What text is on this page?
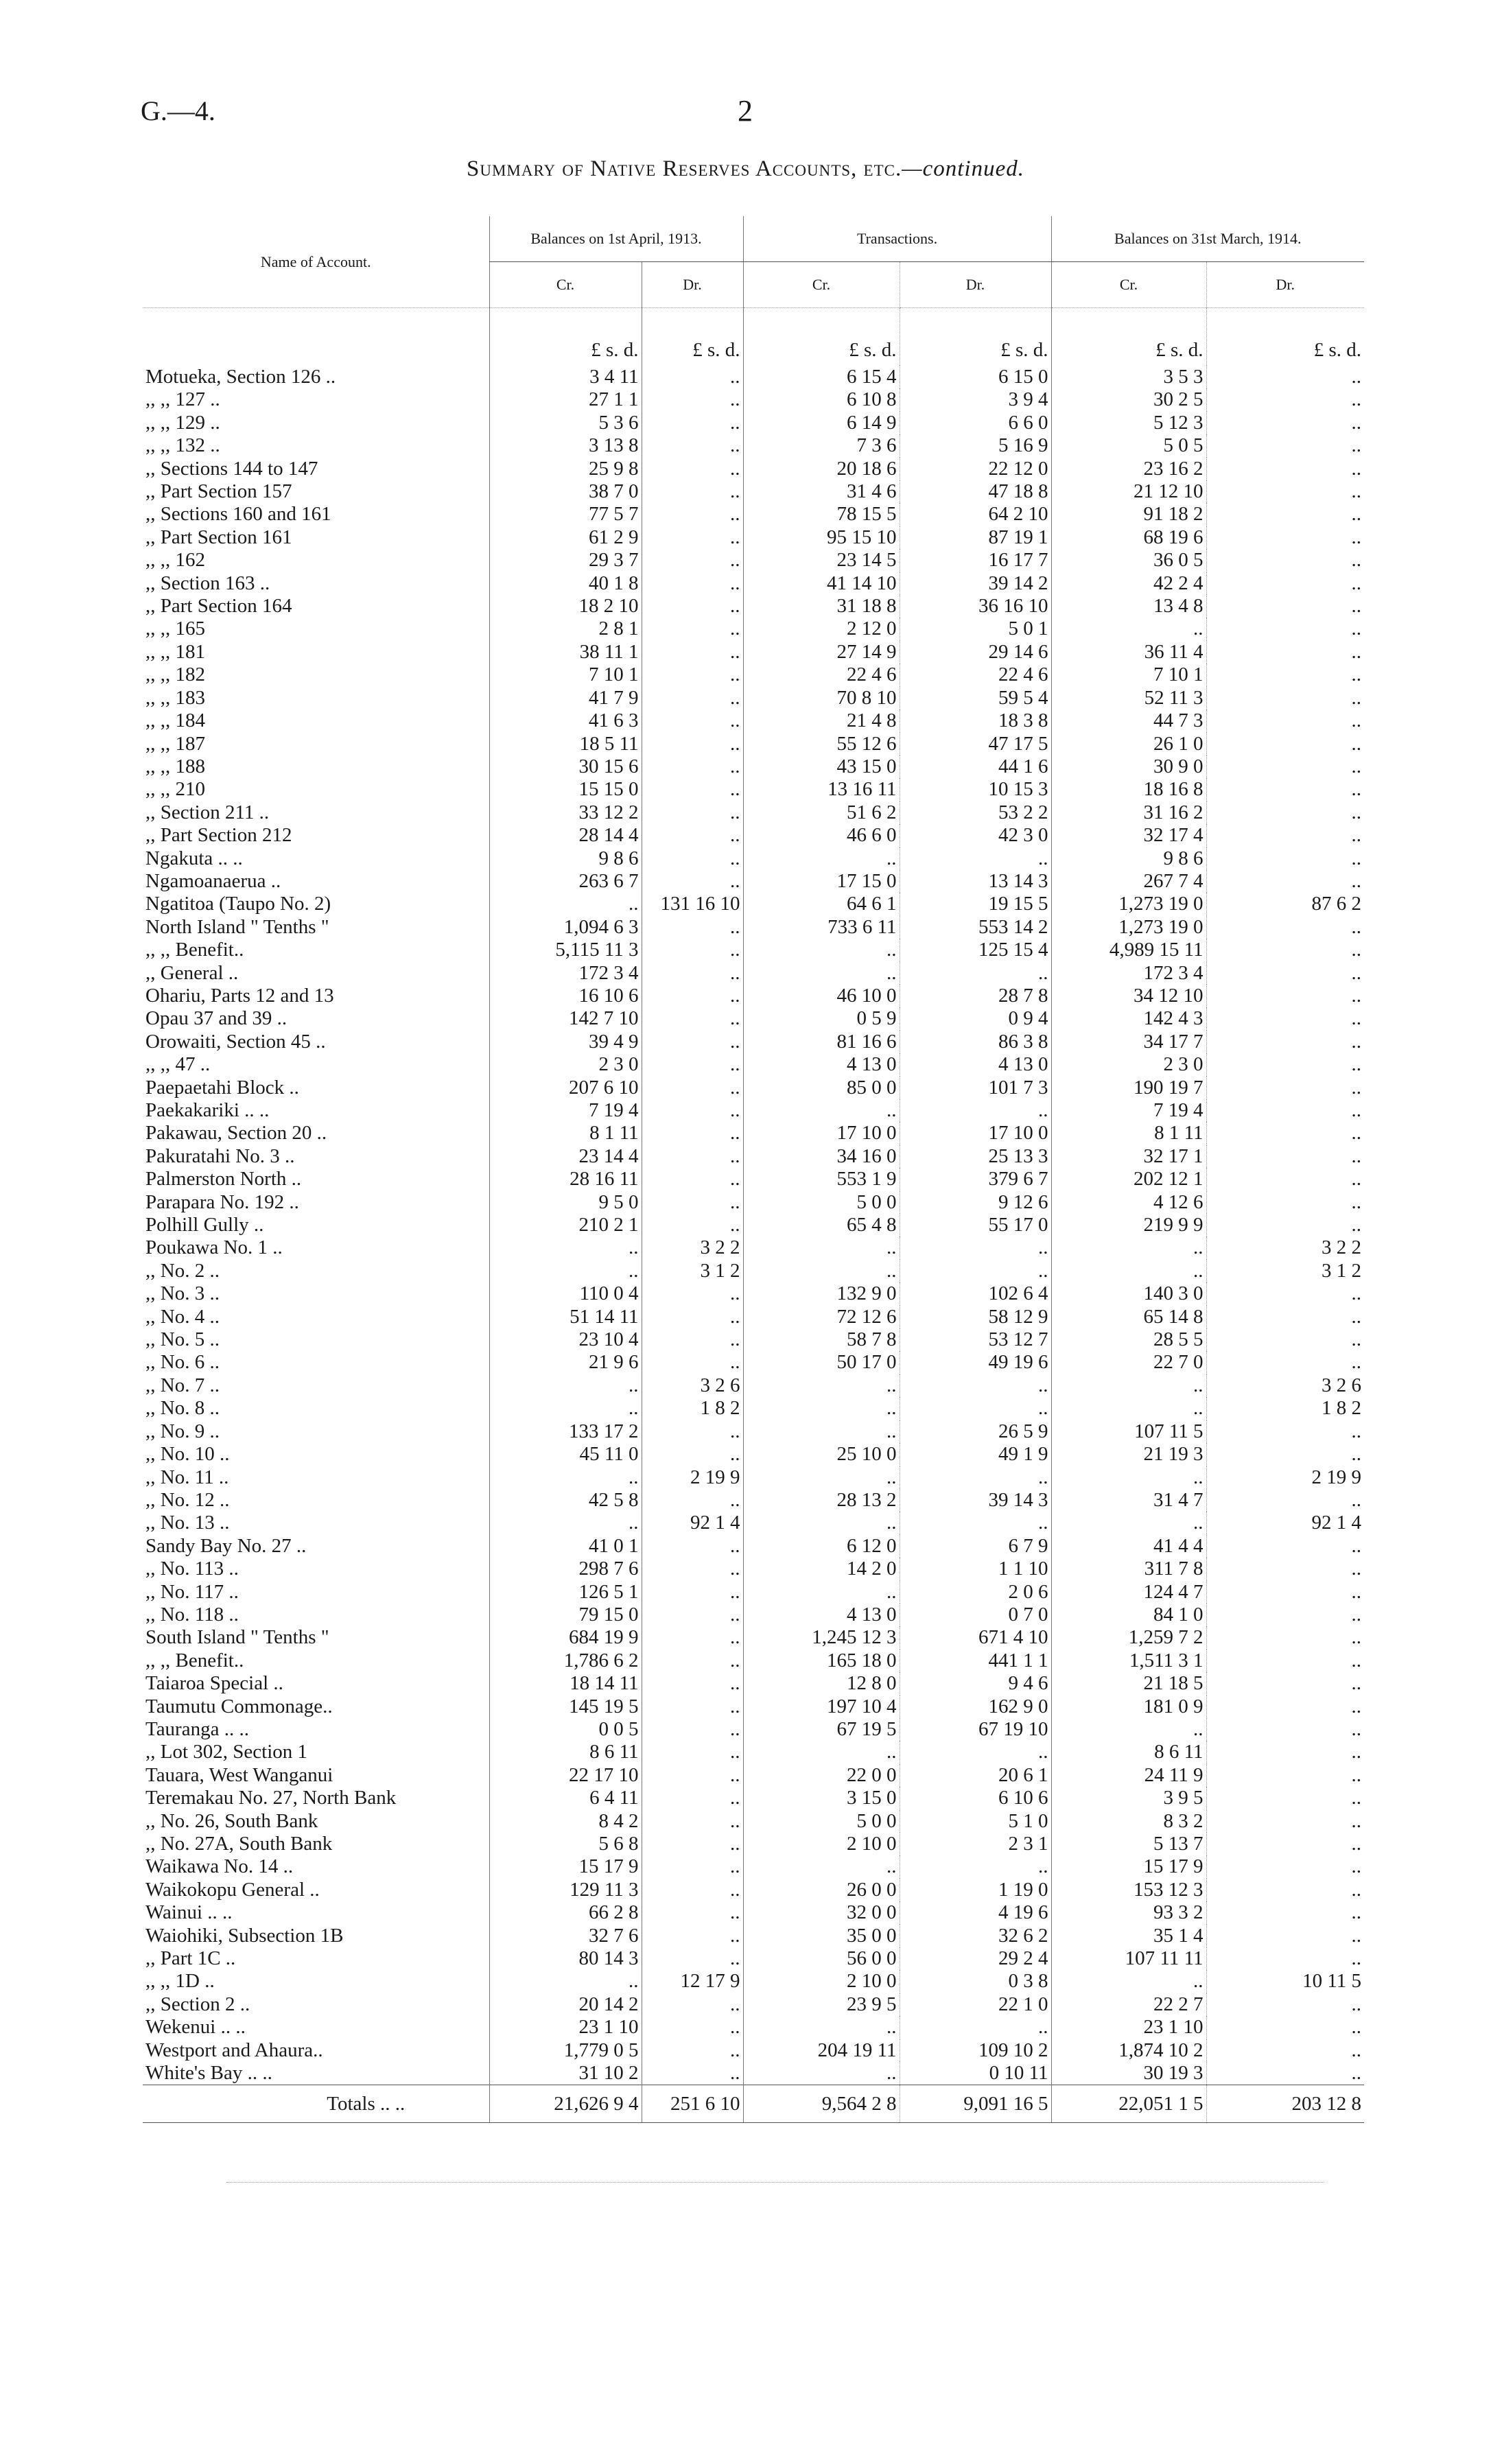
G.—4.	2
Summary of Native Reserves Accounts, etc.—continued.
Name of Account.	Balances on 1st April, 1913.		Transactions.		Balances on 31st March, 1914.	
	Cr.	Dr.	Cr.	Dr.	Cr.	Dr.
	£ s. d.	£ s. d.	£ s. d.	£ s. d.	£ s. d.	£ s. d.
Motueka, Section 126 ..	3 4 11	..	6 15 4	6 15 0	3 5 3	..
,, ,, 127 ..	27 1 1	..	6 10 8	3 9 4	30 2 5	..
,, ,, 129 ..	5 3 6	..	6 14 9	6 6 0	5 12 3	..
,, ,, 132 ..	3 13 8	..	7 3 6	5 16 9	5 0 5	..
,, Sections 144 to 147	25 9 8	..	20 18 6	22 12 0	23 16 2	..
,, Part Section 157	38 7 0	..	31 4 6	47 18 8	21 12 10	..
,, Sections 160 and 161	77 5 7	..	78 15 5	64 2 10	91 18 2	..
,, Part Section 161	61 2 9	..	95 15 10	87 19 1	68 19 6	..
,, ,, 162	29 3 7	..	23 14 5	16 17 7	36 0 5	..
,, Section 163 ..	40 1 8	..	41 14 10	39 14 2	42 2 4	..
,, Part Section 164	18 2 10	..	31 18 8	36 16 10	13 4 8	..
,, ,, 165	2 8 1	..	2 12 0	5 0 1	..	..
,, ,, 181	38 11 1	..	27 14 9	29 14 6	36 11 4	..
,, ,, 182	7 10 1	..	22 4 6	22 4 6	7 10 1	..
,, ,, 183	41 7 9	..	70 8 10	59 5 4	52 11 3	..
,, ,, 184	41 6 3	..	21 4 8	18 3 8	44 7 3	..
,, ,, 187	18 5 11	..	55 12 6	47 17 5	26 1 0	..
,, ,, 188	30 15 6	..	43 15 0	44 1 6	30 9 0	..
,, ,, 210	15 15 0	..	13 16 11	10 15 3	18 16 8	..
,, Section 211 ..	33 12 2	..	51 6 2	53 2 2	31 16 2	..
,, Part Section 212	28 14 4	..	46 6 0	42 3 0	32 17 4	..
Ngakuta .. ..	9 8 6	..	..	..	9 8 6	..
Ngamoanaerua ..	263 6 7	..	17 15 0	13 14 3	267 7 4	..
Ngatitoa (Taupo No. 2)	..	131 16 10	64 6 1	19 15 5	1,273 19 0	87 6 2
North Island " Tenths "	1,094 6 3	..	733 6 11	553 14 2	1,273 19 0	..
,, ,, Benefit..	5,115 11 3	..	..	125 15 4	4,989 15 11	..
,, General ..	172 3 4	..	..	..	172 3 4	..
Ohariu, Parts 12 and 13	16 10 6	..	46 10 0	28 7 8	34 12 10	..
Opau 37 and 39 ..	142 7 10	..	0 5 9	0 9 4	142 4 3	..
Orowaiti, Section 45 ..	39 4 9	..	81 16 6	86 3 8	34 17 7	..
,, ,, 47 ..	2 3 0	..	4 13 0	4 13 0	2 3 0	..
Paepaetahi Block ..	207 6 10	..	85 0 0	101 7 3	190 19 7	..
Paekakariki .. ..	7 19 4	..	..	..	7 19 4	..
Pakawau, Section 20 ..	8 1 11	..	17 10 0	17 10 0	8 1 11	..
Pakuratahi No. 3 ..	23 14 4	..	34 16 0	25 13 3	32 17 1	..
Palmerston North ..	28 16 11	..	553 1 9	379 6 7	202 12 1	..
Parapara No. 192 ..	9 5 0	..	5 0 0	9 12 6	4 12 6	..
Polhill Gully ..	210 2 1	..	65 4 8	55 17 0	219 9 9	..
Poukawa No. 1 ..	..	3 2 2	..	..	..	3 2 2
,, No. 2 ..	..	3 1 2	..	..	..	3 1 2
,, No. 3 ..	110 0 4	..	132 9 0	102 6 4	140 3 0	..
,, No. 4 ..	51 14 11	..	72 12 6	58 12 9	65 14 8	..
,, No. 5 ..	23 10 4	..	58 7 8	53 12 7	28 5 5	..
,, No. 6 ..	21 9 6	..	50 17 0	49 19 6	22 7 0	..
,, No. 7 ..	..	3 2 6	..	..	..	3 2 6
,, No. 8 ..	..	1 8 2	..	..	..	1 8 2
,, No. 9 ..	133 17 2	..	..	26 5 9	107 11 5	..
,, No. 10 ..	45 11 0	..	25 10 0	49 1 9	21 19 3	..
,, No. 11 ..	..	2 19 9	..	..	..	2 19 9
,, No. 12 ..	42 5 8	..	28 13 2	39 14 3	31 4 7	..
,, No. 13 ..	..	92 1 4	..	..	..	92 1 4
Sandy Bay No. 27 ..	41 0 1	..	6 12 0	6 7 9	41 4 4	..
,, No. 113 ..	298 7 6	..	14 2 0	1 1 10	311 7 8	..
,, No. 117 ..	126 5 1	..	..	2 0 6	124 4 7	..
,, No. 118 ..	79 15 0	..	4 13 0	0 7 0	84 1 0	..
South Island " Tenths "	684 19 9	..	1,245 12 3	671 4 10	1,259 7 2	..
,, ,, Benefit..	1,786 6 2	..	165 18 0	441 1 1	1,511 3 1	..
Taiaroa Special ..	18 14 11	..	12 8 0	9 4 6	21 18 5	..
Taumutu Commonage..	145 19 5	..	197 10 4	162 9 0	181 0 9	..
Tauranga .. ..	0 0 5	..	67 19 5	67 19 10	..	..
,, Lot 302, Section 1	8 6 11	..	..	..	8 6 11	..
Tauara, West Wanganui	22 17 10	..	22 0 0	20 6 1	24 11 9	..
Teremakau No. 27, North Bank	6 4 11	..	3 15 0	6 10 6	3 9 5	..
,, No. 26, South Bank	8 4 2	..	5 0 0	5 1 0	8 3 2	..
,, No. 27A, South Bank	5 6 8	..	2 10 0	2 3 1	5 13 7	..
Waikawa No. 14 ..	15 17 9	..	..	..	15 17 9	..
Waikokopu General ..	129 11 3	..	26 0 0	1 19 0	153 12 3	..
Wainui .. ..	66 2 8	..	32 0 0	4 19 6	93 3 2	..
Waiohiki, Subsection 1B	32 7 6	..	35 0 0	32 6 2	35 1 4	..
,, Part 1C ..	80 14 3	..	56 0 0	29 2 4	107 11 11	..
,, ,, 1D ..	..	12 17 9	2 10 0	0 3 8	..	10 11 5
,, Section 2 ..	20 14 2	..	23 9 5	22 1 0	22 2 7	..
Wekenui .. ..	23 1 10	..	..	..	23 1 10	..
Westport and Ahaura..	1,779 0 5	..	204 19 11	109 10 2	1,874 10 2	..
White's Bay .. ..	31 10 2	..	..	0 10 11	30 19 3	..
Totals .. ..	21,626 9 4	251 6 10	9,564 2 8	9,091 16 5	22,051 1 5	203 12 8
